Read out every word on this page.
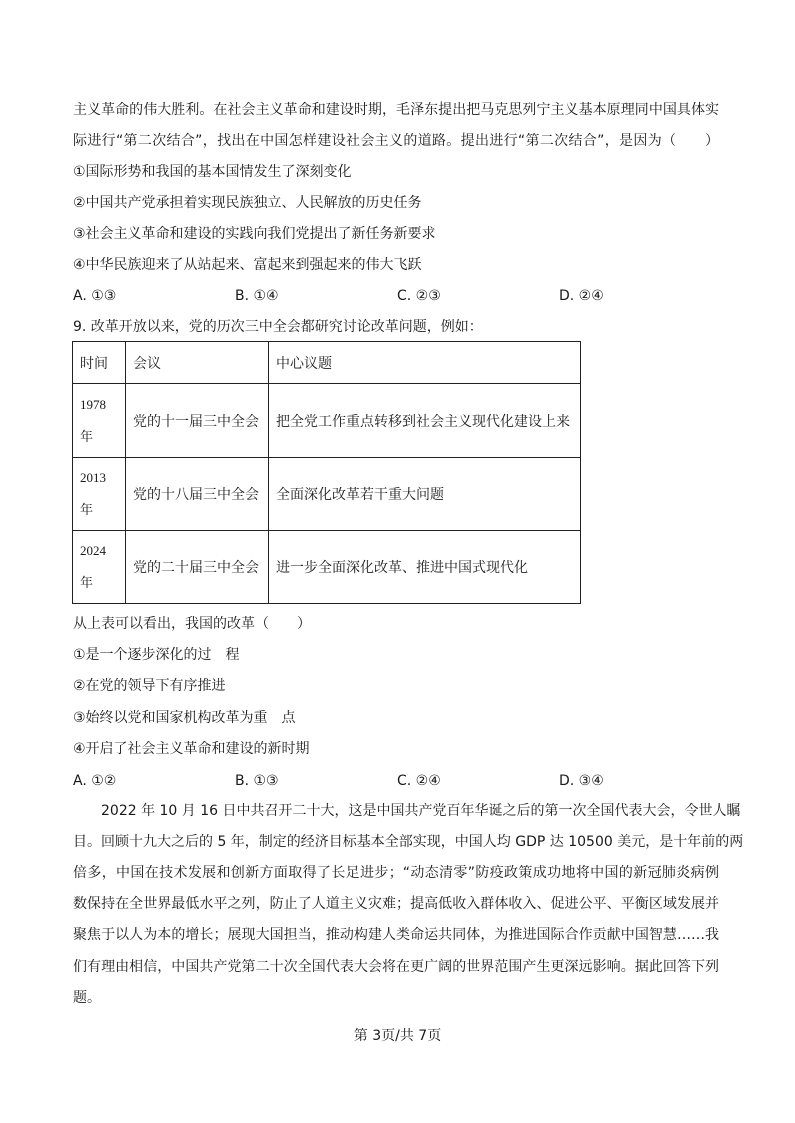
主义革命的伟大胜利。在社会主义革命和建设时期，毛泽东提出把马克思列宁主义基本原理同中国具体实
际进行“第二次结合”，找出在中国怎样建设社会主义的道路。提出进行“第二次结合”，是因为（　　）
①国际形势和我国的基本国情发生了深刻变化
②中国共产党承担着实现民族独立、人民解放的历史任务
③社会主义革命和建设的实践向我们党提出了新任务新要求
④中华民族迎来了从站起来、富起来到强起来的伟大飞跃
A. ①③	B. ①④	C. ②③	D. ②④
9. 改革开放以来，党的历次三中全会都研究讨论改革问题，例如：
时间	会议	中心议题
1978
年	党的十一届三中全会	把全党工作重点转移到社会主义现代化建设上来
2013
年	党的十八届三中全会	全面深化改革若干重大问题
2024
年	党的二十届三中全会	进一步全面深化改革、推进中国式现代化
从上表可以看出，我国的改革（　　）
①是一个逐步深化的过　程
②在党的领导下有序推进
③始终以党和国家机构改革为重　点
④开启了社会主义革命和建设的新时期
A. ①②	B. ①③	C. ②④	D. ③④
　　2022 年 10 月 16 日中共召开二十大，这是中国共产党百年华诞之后的第一次全国代表大会，令世人瞩
目。回顾十九大之后的 5 年，制定的经济目标基本全部实现，中国人均 GDP 达 10500 美元，是十年前的两
倍多，中国在技术发展和创新方面取得了长足进步；“动态清零”防疫政策成功地将中国的新冠肺炎病例
数保持在全世界最低水平之列，防止了人道主义灾难；提高低收入群体收入、促进公平、平衡区域发展并
聚焦于以人为本的增长；展现大国担当，推动构建人类命运共同体，为推进国际合作贡献中国智慧……我
们有理由相信，中国共产党第二十次全国代表大会将在更广阔的世界范围产生更深远影响。据此回答下列
题。
第 3页/共 7页
